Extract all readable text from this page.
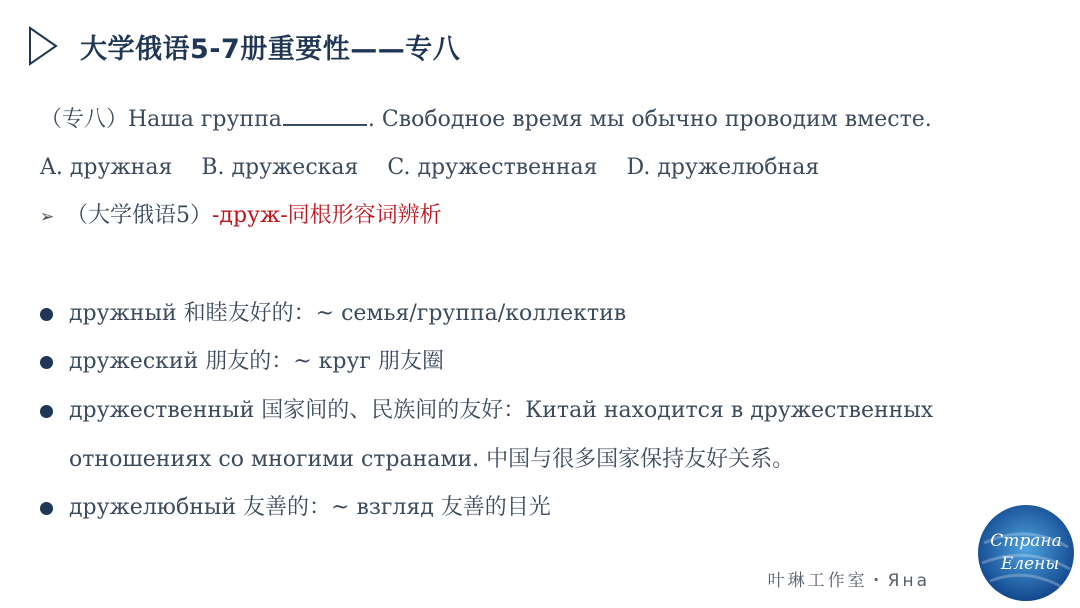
大学俄语5-7册重要性——专八
（专八）Наша группа	. Свободное время мы обычно проводим вместе.
A. дружная B. дружеская C. дружественная D. дружелюбная
➢ （大学俄语5）-друж-同根形容词辨析
дружный 和睦友好的：~ семья/группа/коллектив
дружеский 朋友的：~ круг 朋友圈
дружественный 国家间的、民族间的友好：Китай находится в дружественных
отношениях со многими странами. 中国与很多国家保持友好关系。
дружелюбный 友善的：~ взгляд 友善的目光
叶琳工作室・Яна
Страна
Елены
